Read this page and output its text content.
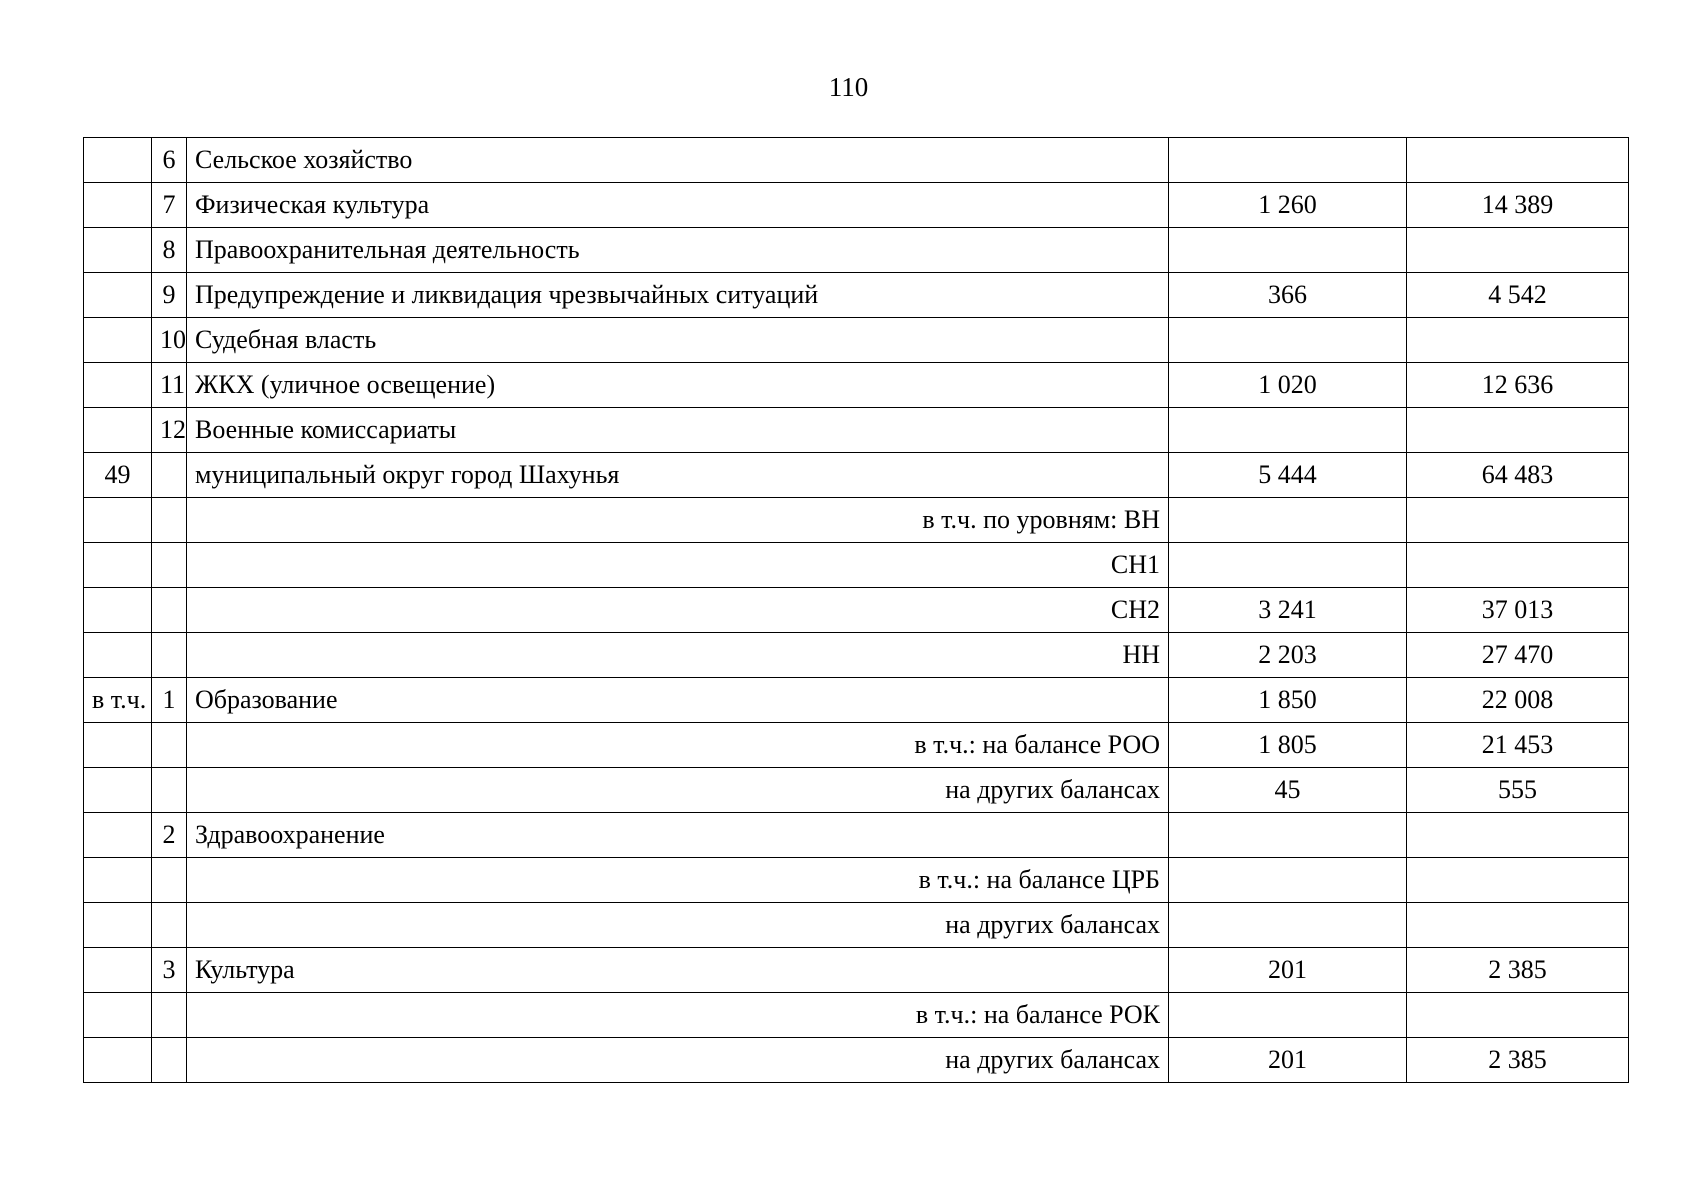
110
	6	Сельское хозяйство		
	7	Физическая культура	1 260	14 389
	8	Правоохранительная деятельность		
	9	Предупреждение и ликвидация чрезвычайных ситуаций	366	4 542
	10	Судебная власть		
	11	ЖКХ (уличное освещение)	1 020	12 636
	12	Военные комиссариаты		
49		муниципальный округ город Шахунья	5 444	64 483
		в т.ч. по уровням: ВН		
		СН1		
		СН2	3 241	37 013
		НН	2 203	27 470
в т.ч.	1	Образование	1 850	22 008
		в т.ч.: на балансе РОО	1 805	21 453
		на других балансах	45	555
	2	Здравоохранение		
		в т.ч.: на балансе ЦРБ		
		на других балансах		
	3	Культура	201	2 385
		в т.ч.: на балансе РОК		
		на других балансах	201	2 385
